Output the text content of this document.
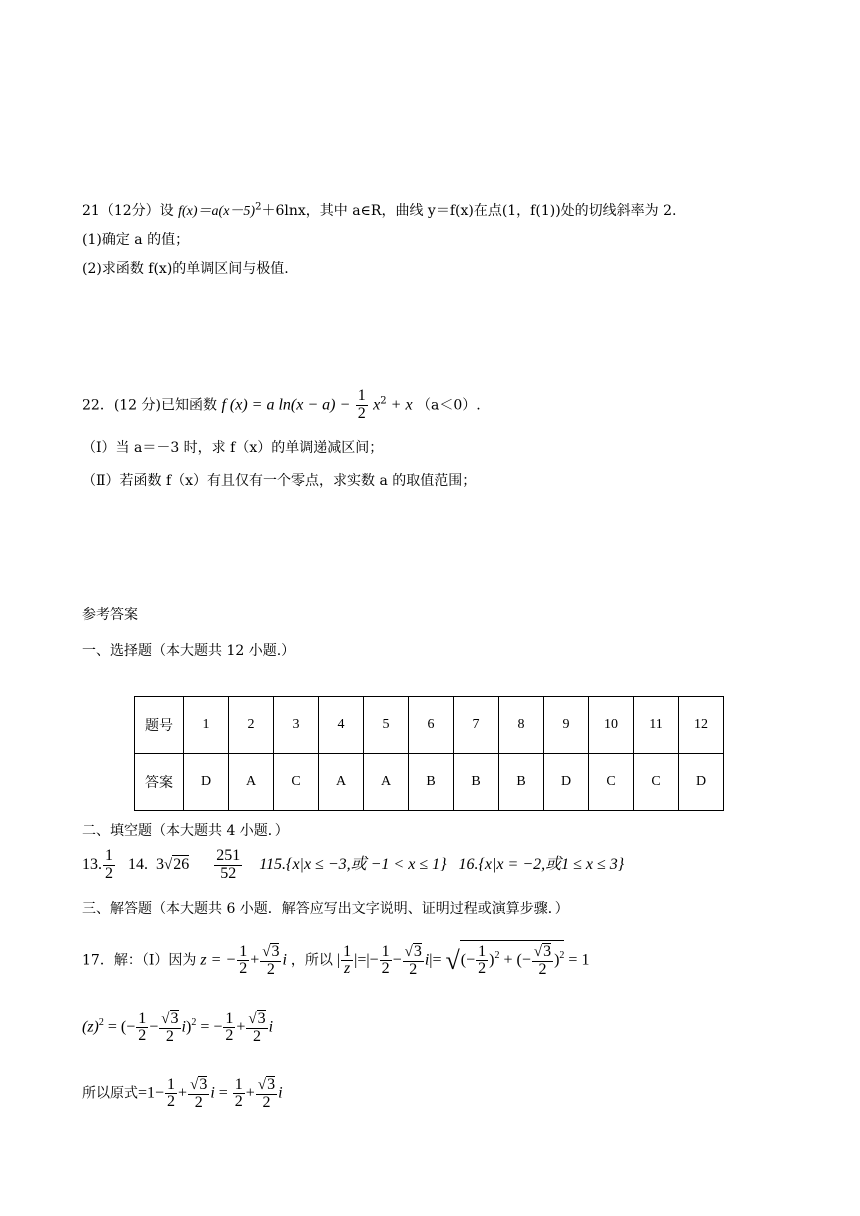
21（12分）设 $f(x)=a(x-5)^2+6\ln x$，其中 a∈R，曲线 y＝f(x)在点(1，f(1))处的切线斜率为 2.
(1)确定 a 的值；
(2)求函数 f(x)的单调区间与极值.
22．(12 分)已知函数 f (x) = a $\ln(x - a) - \frac{1}{2} x^2 + x$ （a＜0）.
（Ⅰ）当 a＝－3 时，求 f（x）的单调递减区间；
（Ⅱ）若函数 f（x）有且仅有一个零点，求实数 a 的取值范围；
参考答案
一、选择题（本大题共 12 小题.）
题号	1	2	3	4	5	6	7	8	9	10	11	12
答案	D	A	C	A	A	B	B	B	D	C	C	D
二、填空题（本大题共 4 小题．）
13. $\frac{1}{2} 14$. $3√26 \frac{251}{52} 115.\{x|x \le -3$,或 −1 < x ≤ 1} 16.{x|x = −2,或1 ≤ x ≤ 3}
三、解答题（本大题共 6 小题．解答应写出文字说明、证明过程或演算步骤．）
17．解：（Ⅰ）因为 z = − $\frac{1}{2} + \frac{√3}{2}$ i ，所以 | $\frac{1}{z}$ |=|− $\frac{1}{2} - \frac{√3}{2} i|=$ √(− $\frac{1}{2} )^2$ + (− $\frac{√3}{2} )^2 = 1$
$(z)^2$ = (− $\frac{1}{2} - \frac{√3}{2} i)^2$ = − $\frac{1}{2} + \frac{√3}{2}$ i
所以原式$=1- \frac{1}{2} + \frac{√3}{2}$ $i = \frac{1}{2} + \frac{√3}{2}$ i
